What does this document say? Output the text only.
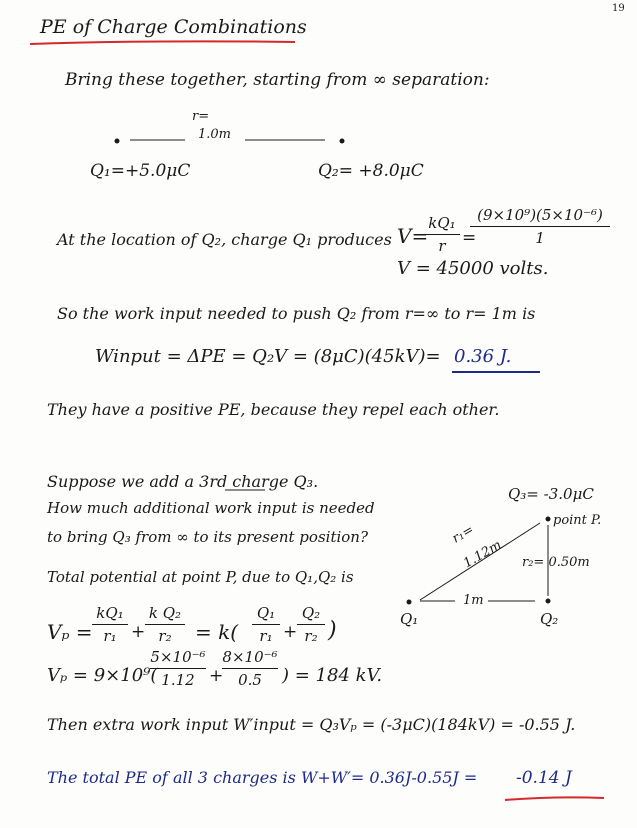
19
PE of Charge Combinations
Bring these together, starting from ∞ separation:
r=
1.0m
Q₁=+5.0μC	Q₂= +8.0μC
At the location of Q₂, charge Q₁ produces V=
kQ₁
r =
(9×10⁹)(5×10⁻⁶)
1
V = 45000 volts.
So the work input needed to push Q₂ from r=∞ to r= 1m is
Winput = ΔPE = Q₂V = (8μC)(45kV)= 0.36 J.
They have a positive PE, because they repel each other.
Suppose we add a 3rd charge Q₃.
How much additional work input is needed
to bring Q₃ from ∞ to its present position?
Total potential at point P, due to Q₁,Q₂ is
Q₃= -3.0μC
point P.
r₁=
1.12m r₂= 0.50m
1m
Q₁	Q₂
Vₚ =
kQ₁
r₁ +
k Q₂
r₂	= k(
Q₁
r₁ +
Q₂
r₂ )
Vₚ = 9×10⁹(
5×10⁻⁶
1.12 +
8×10⁻⁶
0.5	) = 184 kV.
Then extra work input W′input = Q₃Vₚ = (-3μC)(184kV) = -0.55 J.
The total PE of all 3 charges is W+W′= 0.36J-0.55J = -0.14 J
